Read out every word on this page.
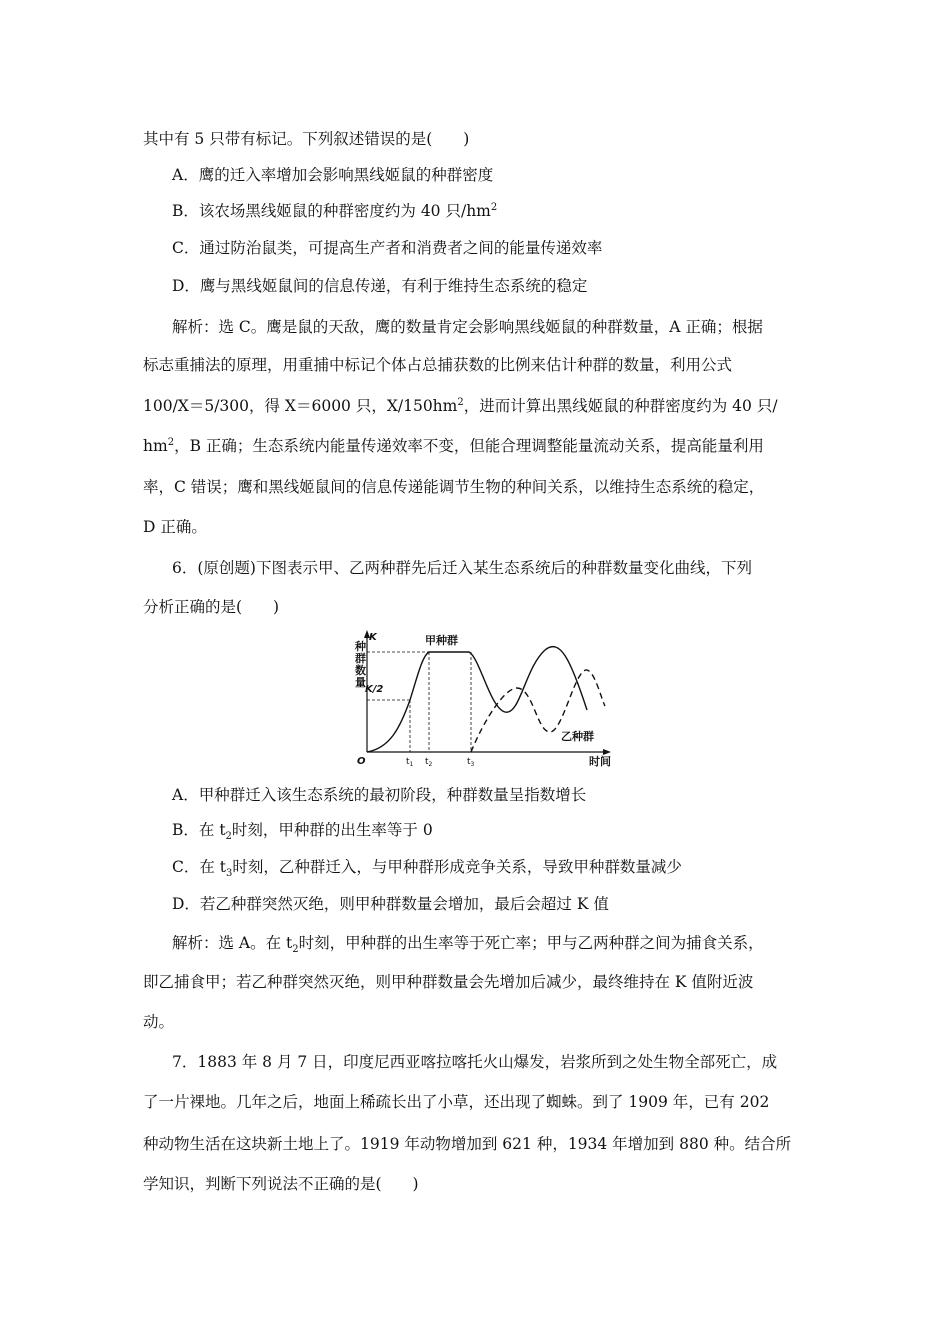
其中有 5 只带有标记。下列叙述错误的是(　　)
A．鹰的迁入率增加会影响黑线姬鼠的种群密度
B．该农场黑线姬鼠的种群密度约为 40 只$/hm^2$
C．通过防治鼠类，可提高生产者和消费者之间的能量传递效率
D．鹰与黑线姬鼠间的信息传递，有利于维持生态系统的稳定
解析：选 C。鹰是鼠的天敌，鹰的数量肯定会影响黑线姬鼠的种群数量，A 正确；根据
标志重捕法的原理，用重捕中标记个体占总捕获数的比例来估计种群的数量，利用公式
100/X＝5/300，得 X＝6000 只，$X/150hm^2$，进而计算出黑线姬鼠的种群密度约为 40 只/
$hm^2$，B 正确；生态系统内能量传递效率不变，但能合理调整能量流动关系，提高能量利用
率，C 错误；鹰和黑线姬鼠间的信息传递能调节生物的种间关系，以维持生态系统的稳定，
D 正确。
6．(原创题)下图表示甲、乙两种群先后迁入某生态系统后的种群数量变化曲线，下列
分析正确的是(　　)
K
种
群
数
量
K/2
O	时间
$t_1$ $t_2$	$t_3$
甲种群
乙种群
A．甲种群迁入该生态系统的最初阶段，种群数量呈指数增长
B．在 $t_2$时刻，甲种群的出生率等于 0
C．在 $t_3$时刻，乙种群迁入，与甲种群形成竞争关系，导致甲种群数量减少
D．若乙种群突然灭绝，则甲种群数量会增加，最后会超过 K 值
解析：选 A。在 $t_2$时刻，甲种群的出生率等于死亡率；甲与乙两种群之间为捕食关系，
即乙捕食甲；若乙种群突然灭绝，则甲种群数量会先增加后减少，最终维持在 K 值附近波
动。
7．1883 年 8 月 7 日，印度尼西亚喀拉喀托火山爆发，岩浆所到之处生物全部死亡，成
了一片裸地。几年之后，地面上稀疏长出了小草，还出现了蜘蛛。到了 1909 年，已有 202
种动物生活在这块新土地上了。1919 年动物增加到 621 种，1934 年增加到 880 种。结合所
学知识，判断下列说法不正确的是(　　)
